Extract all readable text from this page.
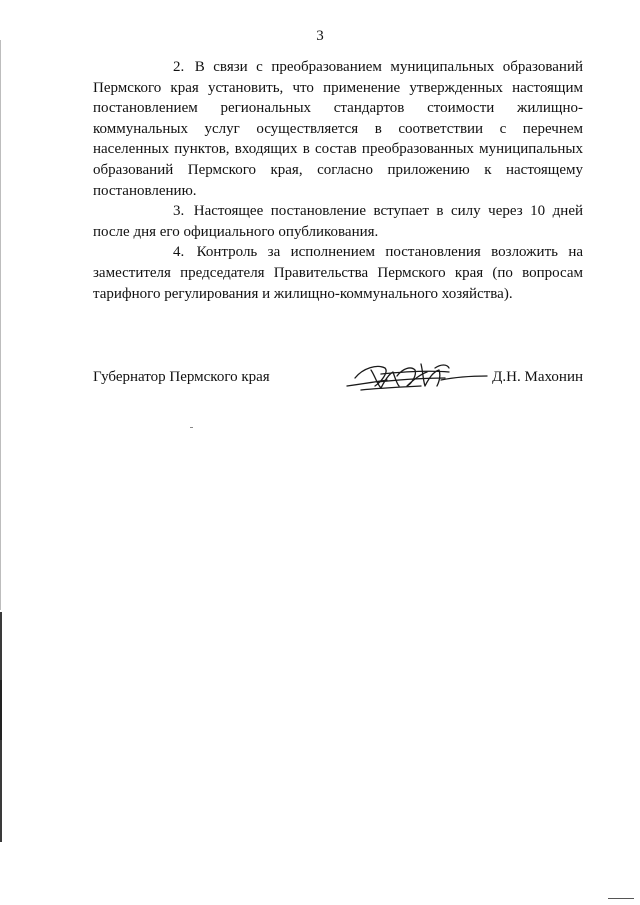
3

2. В связи с преобразованием муниципальных образований Пермского края установить, что применение утвержденных настоящим постановлением региональных стандартов стоимости жилищно-коммунальных услуг осуществляется в соответствии с перечнем населенных пунктов, входящих в состав преобразованных муниципальных образований Пермского края, согласно приложению к настоящему постановлению.

3. Настоящее постановление вступает в силу через 10 дней после дня его официального опубликования.

4. Контроль за исполнением постановления возложить на заместителя председателя Правительства Пермского края (по вопросам тарифного регулирования и жилищно-коммунального хозяйства).

Губернатор Пермского края	Д.Н. Махонин
